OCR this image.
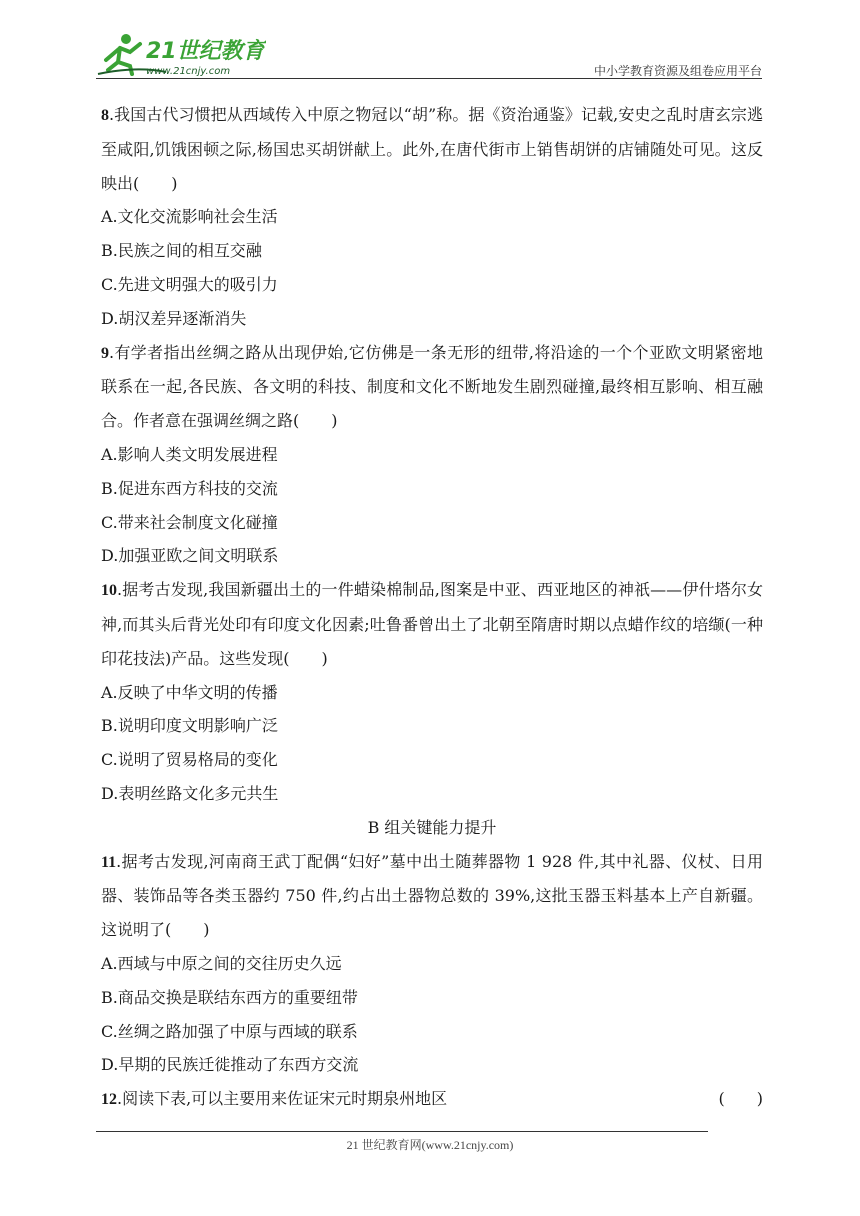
21世纪教育
www.21cnjy.com	中小学教育资源及组卷应用平台

8.我国古代习惯把从西域传入中原之物冠以“胡”称。据《资治通鉴》记载,安史之乱时唐玄宗逃至咸阳,饥饿困顿之际,杨国忠买胡饼献上。此外,在唐代街市上销售胡饼的店铺随处可见。这反映出(　　)

A.文化交流影响社会生活

B.民族之间的相互交融

C.先进文明强大的吸引力

D.胡汉差异逐渐消失

9.有学者指出丝绸之路从出现伊始,它仿佛是一条无形的纽带,将沿途的一个个亚欧文明紧密地联系在一起,各民族、各文明的科技、制度和文化不断地发生剧烈碰撞,最终相互影响、相互融合。作者意在强调丝绸之路(　　)

A.影响人类文明发展进程

B.促进东西方科技的交流

C.带来社会制度文化碰撞

D.加强亚欧之间文明联系

10.据考古发现,我国新疆出土的一件蜡染棉制品,图案是中亚、西亚地区的神祇——伊什塔尔女神,而其头后背光处印有印度文化因素;吐鲁番曾出土了北朝至隋唐时期以点蜡作纹的培缬(一种印花技法)产品。这些发现(　　)

A.反映了中华文明的传播

B.说明印度文明影响广泛

C.说明了贸易格局的变化

D.表明丝路文化多元共生

B 组关键能力提升

11.据考古发现,河南商王武丁配偶“妇好”墓中出土随葬器物 1 928 件,其中礼器、仪杖、日用器、装饰品等各类玉器约 750 件,约占出土器物总数的 39%,这批玉器玉料基本上产自新疆。这说明了(　　)

A.西域与中原之间的交往历史久远

B.商品交换是联结东西方的重要纽带

C.丝绸之路加强了中原与西域的联系

D.早期的民族迁徙推动了东西方交流

12.阅读下表,可以主要用来佐证宋元时期泉州地区	(　　)
21 世纪教育网(www.21cnjy.com)
